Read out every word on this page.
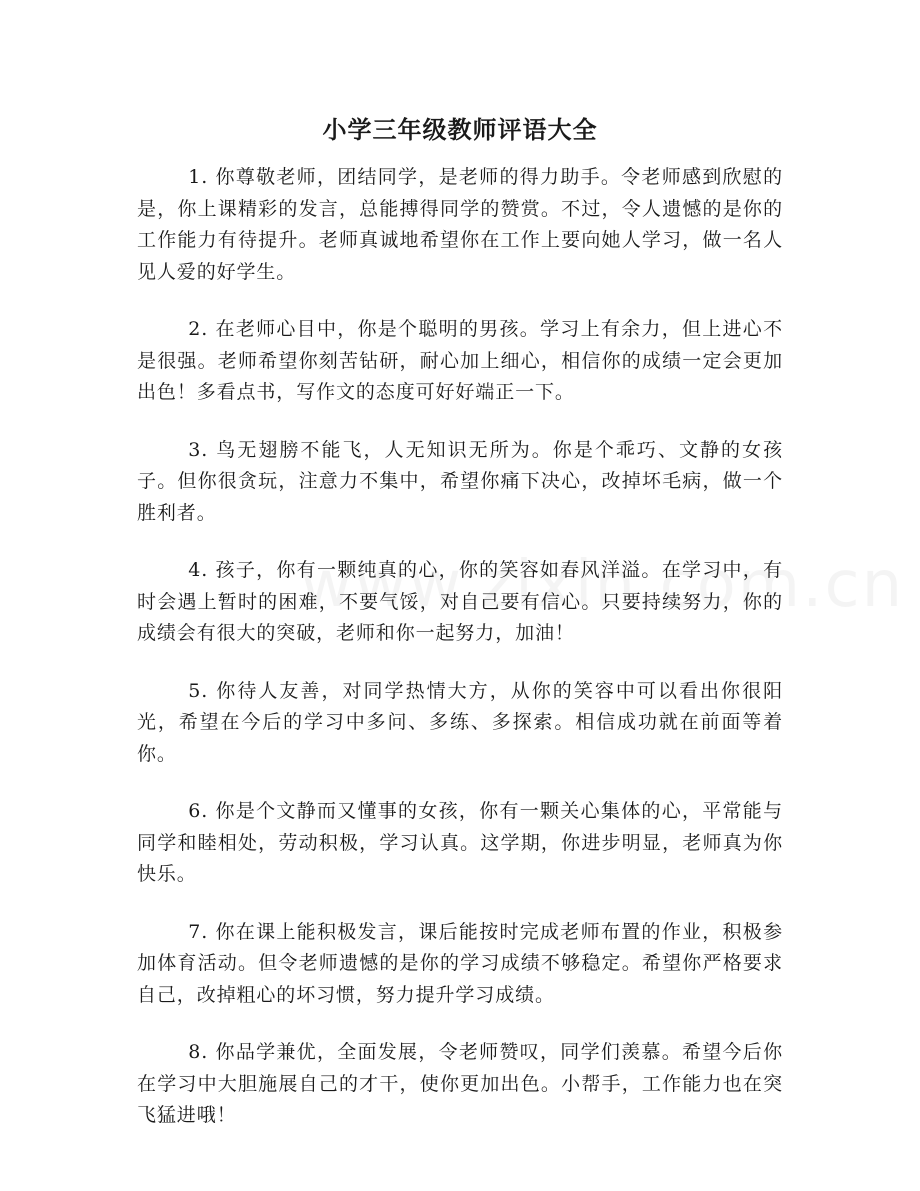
小学三年级教师评语大全

1. 你尊敬老师，团结同学，是老师的得力助手。令老师感到欣慰的是，你上课精彩的发言，总能搏得同学的赞赏。不过，令人遗憾的是你的工作能力有待提升。老师真诚地希望你在工作上要向她人学习，做一名人见人爱的好学生。

2. 在老师心目中，你是个聪明的男孩。学习上有余力，但上进心不是很强。老师希望你刻苦钻研，耐心加上细心，相信你的成绩一定会更加出色！多看点书，写作文的态度可好好端正一下。

3. 鸟无翅膀不能飞，人无知识无所为。你是个乖巧、文静的女孩子。但你很贪玩，注意力不集中，希望你痛下决心，改掉坏毛病，做一个胜利者。

4. 孩子，你有一颗纯真的心，你的笑容如春风洋溢。在学习中，有时会遇上暂时的困难，不要气馁，对自己要有信心。只要持续努力，你的成绩会有很大的突破，老师和你一起努力，加油！

5. 你待人友善，对同学热情大方，从你的笑容中可以看出你很阳光，希望在今后的学习中多问、多练、多探索。相信成功就在前面等着你。

6. 你是个文静而又懂事的女孩，你有一颗关心集体的心，平常能与同学和睦相处，劳动积极，学习认真。这学期，你进步明显，老师真为你快乐。

7. 你在课上能积极发言，课后能按时完成老师布置的作业，积极参加体育活动。但令老师遗憾的是你的学习成绩不够稳定。希望你严格要求自己，改掉粗心的坏习惯，努力提升学习成绩。

8. 你品学兼优，全面发展，令老师赞叹，同学们羡慕。希望今后你在学习中大胆施展自己的才干，使你更加出色。小帮手，工作能力也在突飞猛进哦！
